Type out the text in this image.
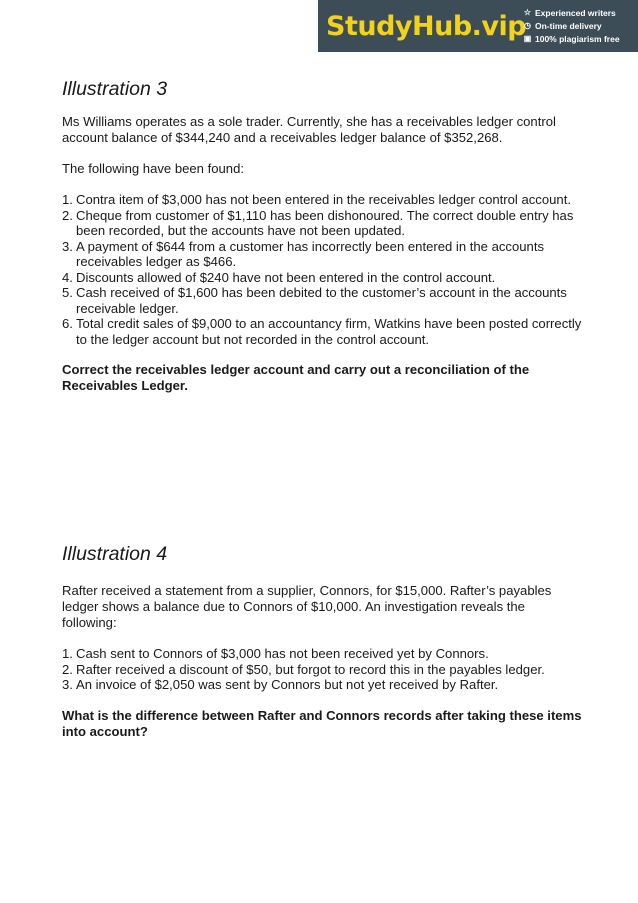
StudyHub.vip
☆ Experienced writers
◷ On-time delivery
▣ 100% plagiarism free
Illustration 3

Ms Williams operates as a sole trader. Currently, she has a receivables ledger control account balance of $344,240 and a receivables ledger balance of $352,268.

The following have been found:

1. Contra item of $3,000 has not been entered in the receivables ledger control account.
2. Cheque from customer of $1,110 has been dishonoured. The correct double entry has been recorded, but the accounts have not been updated.
3. A payment of $644 from a customer has incorrectly been entered in the accounts receivables ledger as $466.
4. Discounts allowed of $240 have not been entered in the control account.
5. Cash received of $1,600 has been debited to the customer’s account in the accounts receivable ledger.
6. Total credit sales of $9,000 to an accountancy firm, Watkins have been posted correctly to the ledger account but not recorded in the control account.

Correct the receivables ledger account and carry out a reconciliation of the Receivables Ledger.

Illustration 4

Rafter received a statement from a supplier, Connors, for $15,000. Rafter’s payables ledger shows a balance due to Connors of $10,000. An investigation reveals the following:

1. Cash sent to Connors of $3,000 has not been received yet by Connors.
2. Rafter received a discount of $50, but forgot to record this in the payables ledger.
3. An invoice of $2,050 was sent by Connors but not yet received by Rafter.

What is the difference between Rafter and Connors records after taking these items into account?
